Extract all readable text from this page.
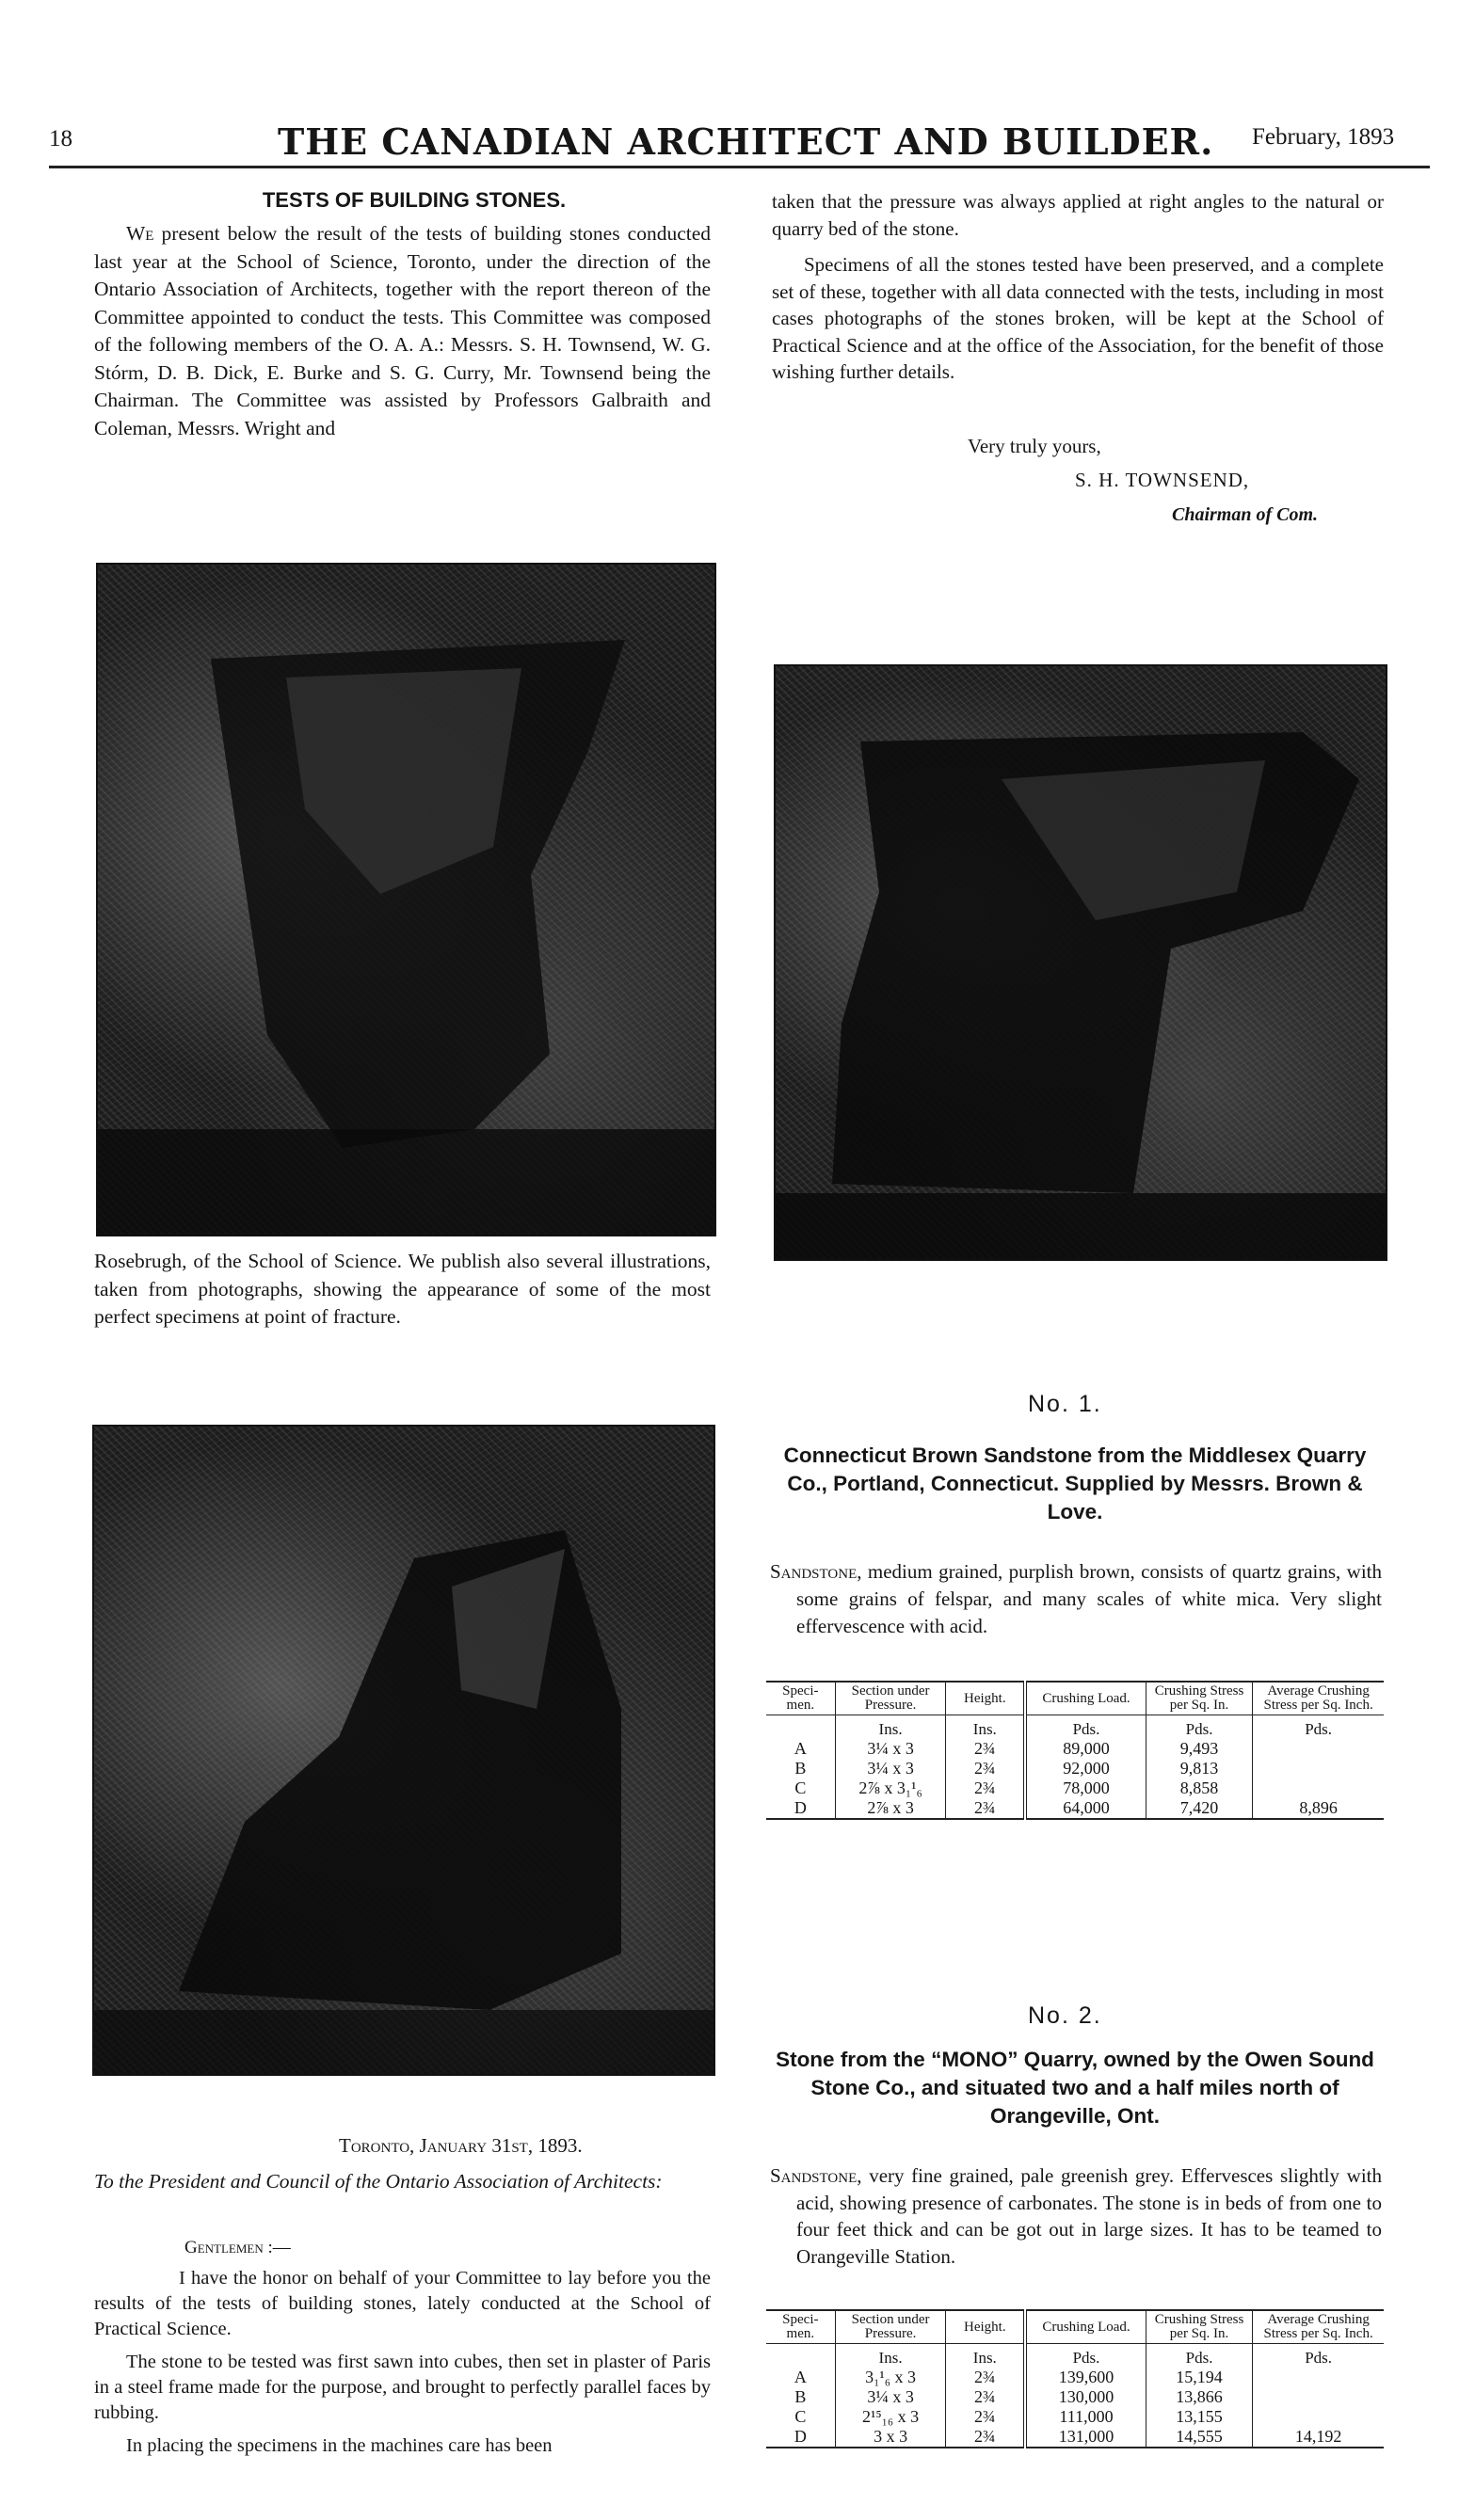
18	THE CANADIAN ARCHITECT AND BUILDER. February, 1893
TESTS OF BUILDING STONES.

We present below the result of the tests of building stones conducted last year at the School of Science, Toronto, under the direction of the Ontario Association of Architects, together with the report thereon of the Committee appointed to conduct the tests. This Committee was composed of the following members of the O. A. A.: Messrs. S. H. Townsend, W. G. Stórm, D. B. Dick, E. Burke and S. G. Curry, Mr. Townsend being the Chairman. The Committee was assisted by Professors Galbraith and Coleman, Messrs. Wright and

Rosebrugh, of the School of Science. We publish also several illustrations, taken from photographs, showing the appearance of some of the most perfect specimens at point of fracture.
Toronto, January 31st, 1893.
To the President and Council of the Ontario Association of Architects:
Gentlemen :—

I have the honor on behalf of your Committee to lay before you the results of the tests of building stones, lately conducted at the School of Practical Science.

The stone to be tested was first sawn into cubes, then set in plaster of Paris in a steel frame made for the purpose, and brought to perfectly parallel faces by rubbing.

In placing the specimens in the machines care has been

taken that the pressure was always applied at right angles to the natural or quarry bed of the stone.

Specimens of all the stones tested have been preserved, and a complete set of these, together with all data connected with the tests, including in most cases photographs of the stones broken, will be kept at the School of Practical Science and at the office of the Association, for the benefit of those wishing further details.

Very truly yours,
S. H. TOWNSEND,
Chairman of Com.
No. 1.
Connecticut Brown Sandstone from the Middlesex Quarry Co., Portland, Connecticut. Supplied by Messrs. Brown & Love.
Sandstone, medium grained, purplish brown, consists of quartz grains, with some grains of felspar, and many scales of white mica. Very slight effervescence with acid.
Speci-men.	Section under Pressure.	Height.	Crushing Load.	Crushing Stress per Sq. In.	Average Crushing Stress per Sq. Inch.
	Ins.	Ins.	Pds.	Pds.	Pds.
A	3¼ x 3	2¾	89,000	9,493	
B	3¼ x 3	2¾	92,000	9,813	
C	2⅞ x 3₁¹₆	2¾	78,000	8,858	
D	2⅞ x 3	2¾	64,000	7,420	8,896
No. 2.
Stone from the “MONO” Quarry, owned by the Owen Sound Stone Co., and situated two and a half miles north of Orangeville, Ont.
Sandstone, very fine grained, pale greenish grey. Effervesces slightly with acid, showing presence of carbonates. The stone is in beds of from one to four feet thick and can be got out in large sizes. It has to be teamed to Orangeville Station.
Speci-men.	Section under Pressure.	Height.	Crushing Load.	Crushing Stress per Sq. In.	Average Crushing Stress per Sq. Inch.
	Ins.	Ins.	Pds.	Pds.	Pds.
A	3₁¹₆ x 3	2¾	139,600	15,194	
B	3¼ x 3	2¾	130,000	13,866	
C	2¹⁵₁₆ x 3	2¾	111,000	13,155	
D	3 x 3	2¾	131,000	14,555	14,192
